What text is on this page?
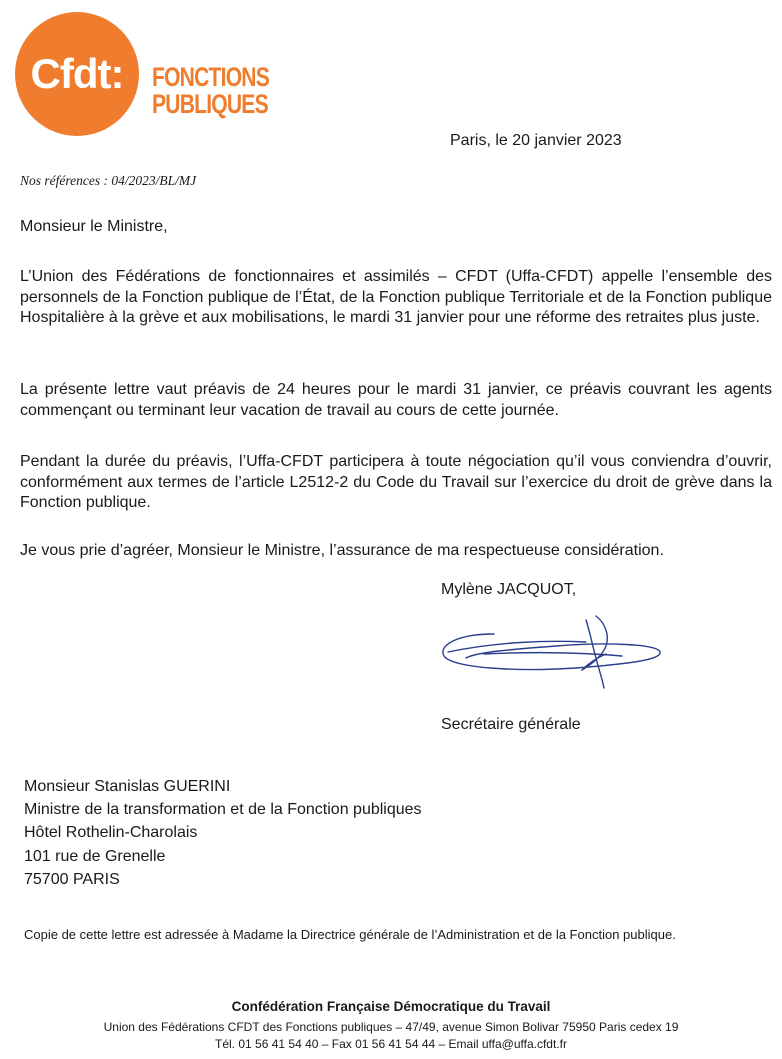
Cfdt:	FONCTIONS
PUBLIQUES
Paris, le 20 janvier 2023
Nos références : 04/2023/BL/MJ
Monsieur le Ministre,
L’Union des Fédérations de fonctionnaires et assimilés – CFDT (Uffa-CFDT) appelle l’ensemble des personnels de la Fonction publique de l’État, de la Fonction publique Territoriale et de la Fonction publique Hospitalière à la grève et aux mobilisations, le mardi 31 janvier pour une réforme des retraites plus juste.
La présente lettre vaut préavis de 24 heures pour le mardi 31 janvier, ce préavis couvrant les agents commençant ou terminant leur vacation de travail au cours de cette journée.
Pendant la durée du préavis, l’Uffa-CFDT participera à toute négociation qu’il vous conviendra d’ouvrir, conformément aux termes de l’article L2512-2 du Code du Travail sur l’exercice du droit de grève dans la Fonction publique.
Je vous prie d’agréer, Monsieur le Ministre, l’assurance de ma respectueuse considération.
Mylène JACQUOT,
Secrétaire générale
Monsieur Stanislas GUERINI
Ministre de la transformation et de la Fonction publiques
Hôtel Rothelin-Charolais
101 rue de Grenelle
75700 PARIS
Copie de cette lettre est adressée à Madame la Directrice générale de l’Administration et de la Fonction publique.
Confédération Française Démocratique du Travail
Union des Fédérations CFDT des Fonctions publiques – 47/49, avenue Simon Bolivar 75950 Paris cedex 19
Tél. 01 56 41 54 40 – Fax 01 56 41 54 44 – Email uffa@uffa.cfdt.fr
